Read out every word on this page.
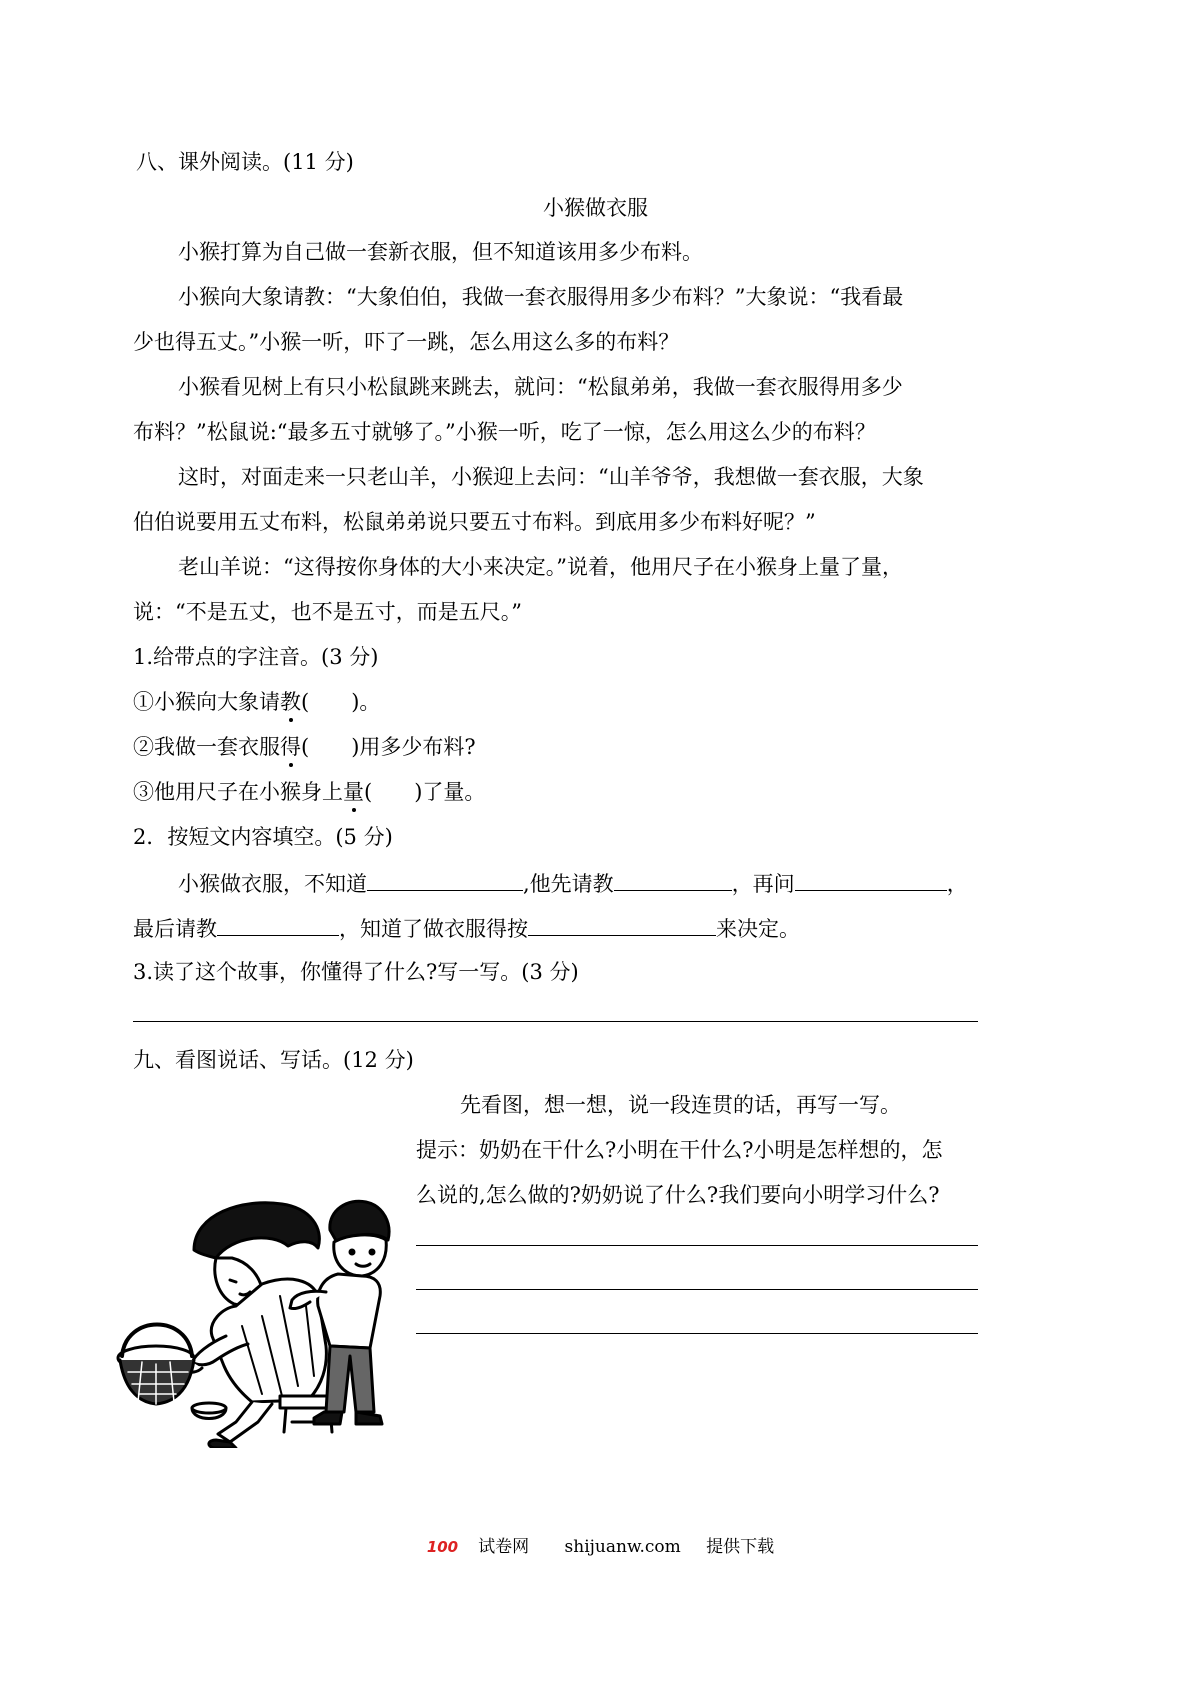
八、课外阅读。(11 分)
小猴做衣服
小猴打算为自己做一套新衣服，但不知道该用多少布料。
小猴向大象请教：“大象伯伯，我做一套衣服得用多少布料？”大象说：“我看最
少也得五丈。”小猴一听，吓了一跳，怎么用这么多的布料？
小猴看见树上有只小松鼠跳来跳去，就问：“松鼠弟弟，我做一套衣服得用多少
布料？”松鼠说:“最多五寸就够了。”小猴一听，吃了一惊，怎么用这么少的布料？
这时，对面走来一只老山羊，小猴迎上去问：“山羊爷爷，我想做一套衣服，大象
伯伯说要用五丈布料，松鼠弟弟说只要五寸布料。到底用多少布料好呢？”
老山羊说：“这得按你身体的大小来决定。”说着，他用尺子在小猴身上量了量，
说：“不是五丈，也不是五寸，而是五尺。”
1.给带点的字注音。(3 分)
①小猴向大象请教( )。
②我做一套衣服得( )用多少布料?
③他用尺子在小猴身上量( )了量。
2．按短文内容填空。(5 分)
小猴做衣服，不知道	,他先请教	，再问	，
最后请教	，知道了做衣服得按	来决定。
3.读了这个故事，你懂得了什么?写一写。(3 分)
九、看图说话、写话。(12 分)
先看图，想一想，说一段连贯的话，再写一写。
提示：奶奶在干什么?小明在干什么?小明是怎样想的，怎
么说的,怎么做的?奶奶说了什么?我们要向小明学习什么?
100 试卷网 shijuanw.com 提供下载
